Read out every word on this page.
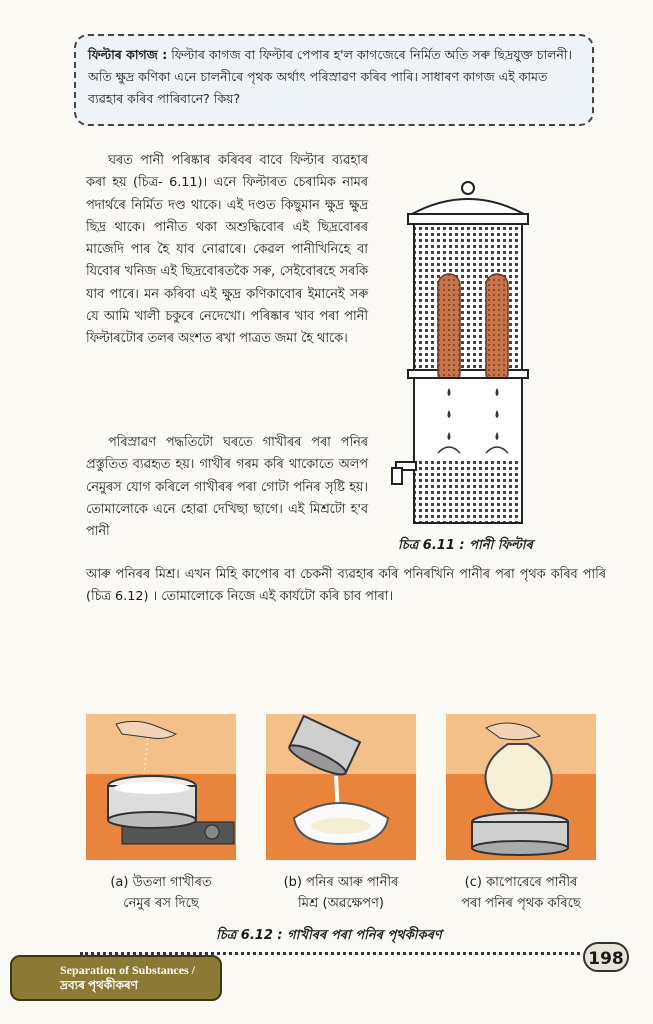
ফিল্টাৰ কাগজ : ফিল্টাৰ কাগজ বা ফিল্টাৰ পেপাৰ হ'ল কাগজেৰে নিৰ্মিত অতি সৰু ছিদ্ৰযুক্ত চালনী। অতি ক্ষুদ্ৰ কণিকা এনে চালনীৰে পৃথক অৰ্থাৎ পৰিস্ৰাৱণ কৰিব পাৰি। সাধাৰণ কাগজ এই কামত ব্যৱহাৰ কৰিব পাৰিবানে? কিয়?
ঘৰত পানী পৰিষ্কাৰ কৰিবৰ বাবে ফিল্টাৰ ব্যৱহাৰ কৰা হয় (চিত্ৰ- 6.11)। এনে ফিল্টাৰত চেৰামিক নামৰ পদাৰ্থৰে নিৰ্মিত দণ্ড থাকে। এই দণ্ডত কিছুমান ক্ষুদ্ৰ ক্ষুদ্ৰ ছিদ্ৰ থাকে। পানীত থকা অশুদ্ধিবোৰ এই ছিদ্ৰবোৰৰ মাজেদি পাৰ হৈ যাব নোৱাৰে। কেৱল পানীখিনিহে বা যিবোৰ খনিজ এই ছিদ্ৰবোৰতকৈ সৰু, সেইবোৰহে সৰকি যাব পাৰে। মন কৰিবা এই ক্ষুদ্ৰ কণিকাবোৰ ইমানেই সৰু যে আমি খালী চকুৰে নেদেখো। পৰিষ্কাৰ খাব পৰা পানী ফিল্টাৰটোৰ তলৰ অংশত ৰখা পাত্ৰত জমা হৈ থাকে।
চিত্ৰ 6.11 : পানী ফিল্টাৰ
পৰিস্ৰাৱণ পদ্ধতিটো ঘৰতে গাখীৰৰ পৰা পনিৰ প্ৰস্তুতিত ব্যৱহৃত হয়। গাখীৰ গৰম কৰি থাকোতে অলপ নেমুৰস যোগ কৰিলে গাখীৰৰ পৰা গোটা পনিৰ সৃষ্টি হয়। তোমালোকে এনে হোৱা দেখিছা ছাগে। এই মিশ্ৰটো হ'ব পানী
আৰু পনিৰৰ মিশ্ৰ। এখন মিহি কাপোৰ বা চেকনী ব্যৱহাৰ কৰি পনিৰখিনি পানীৰ পৰা পৃথক কৰিব পাৰি (চিত্ৰ 6.12) । তোমালোকে নিজে এই কাৰ্যটো কৰি চাব পাৰা।
(a) উতলা গাখীৰত
নেমুৰ ৰস দিছে
(b) পনিৰ আৰু পানীৰ
মিশ্ৰ (অৱক্ষেপণ)
(c) কাপোৰেৰে পানীৰ
পৰা পনিৰ পৃথক কৰিছে
চিত্ৰ 6.12 : গাখীৰৰ পৰা পনিৰ পৃথকীকৰণ
Separation of Substances /
দ্ৰব্যৰ পৃথকীকৰণ
198
